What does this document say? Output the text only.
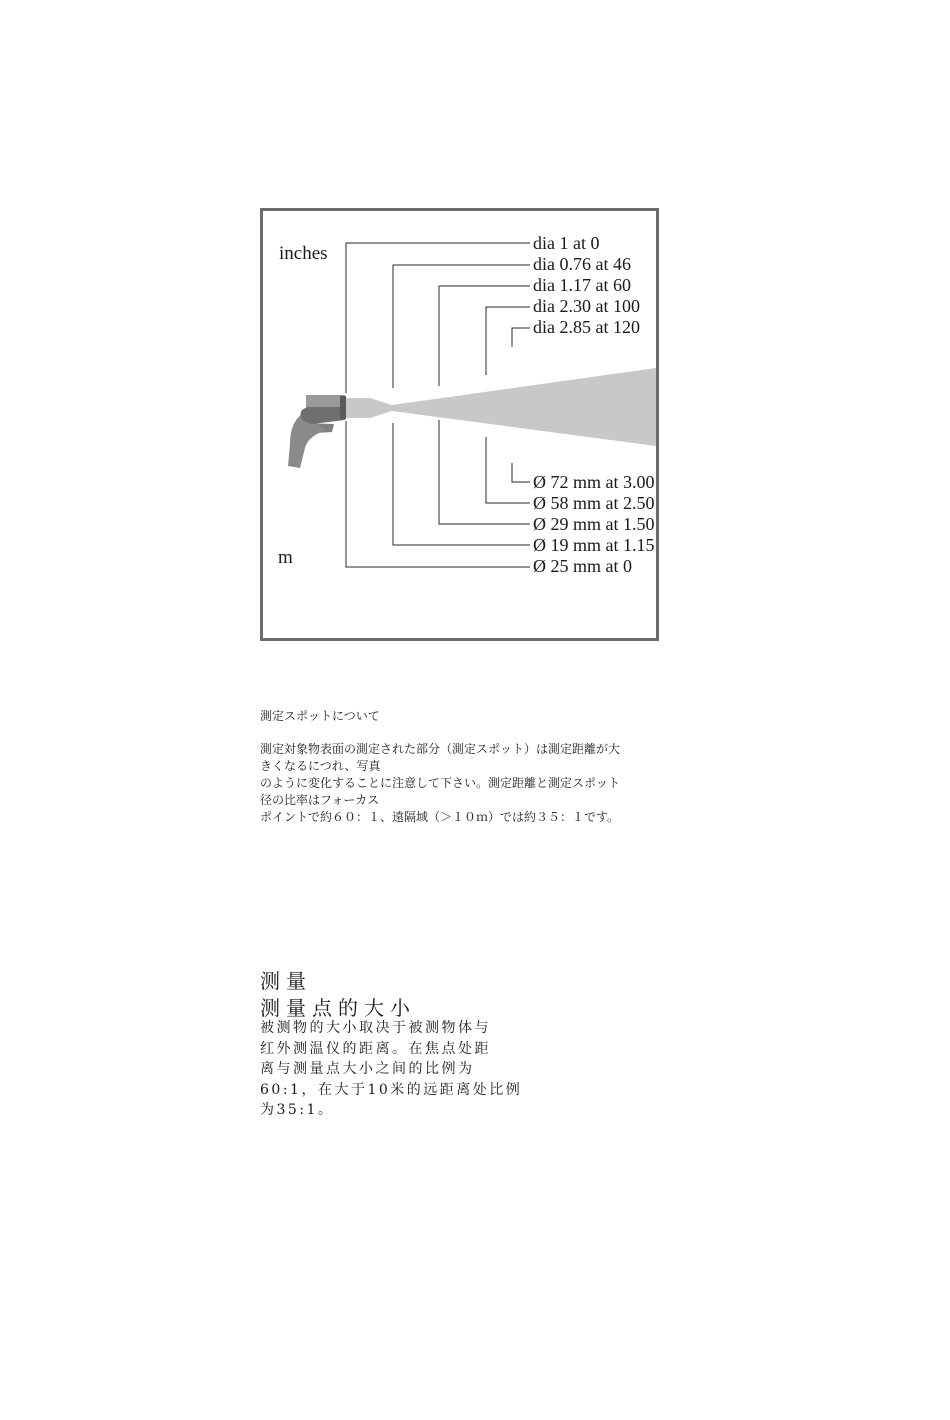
inches
m
dia 1 at 0
dia 0.76 at 46
dia 1.17 at 60
dia 2.30 at 100
dia 2.85 at 120
Ø 72 mm at 3.00
Ø 58 mm at 2.50
Ø 29 mm at 1.50
Ø 19 mm at 1.15
Ø 25 mm at 0

測定スポットについて

測定対象物表面の測定された部分（測定スポット）は測定距離が大
きくなるにつれ、写真
のように変化することに注意して下さい。測定距離と測定スポット
径の比率はフォーカス
ポイントで約６０：１、遠隔域（＞１０ｍ）では約３５：１です。

测量

测量点的大小

被测物的大小取决于被测物体与
红外测温仪的距离。在焦点处距
离与测量点大小之间的比例为
60:1，在大于10米的远距离处比例
为35:1。
